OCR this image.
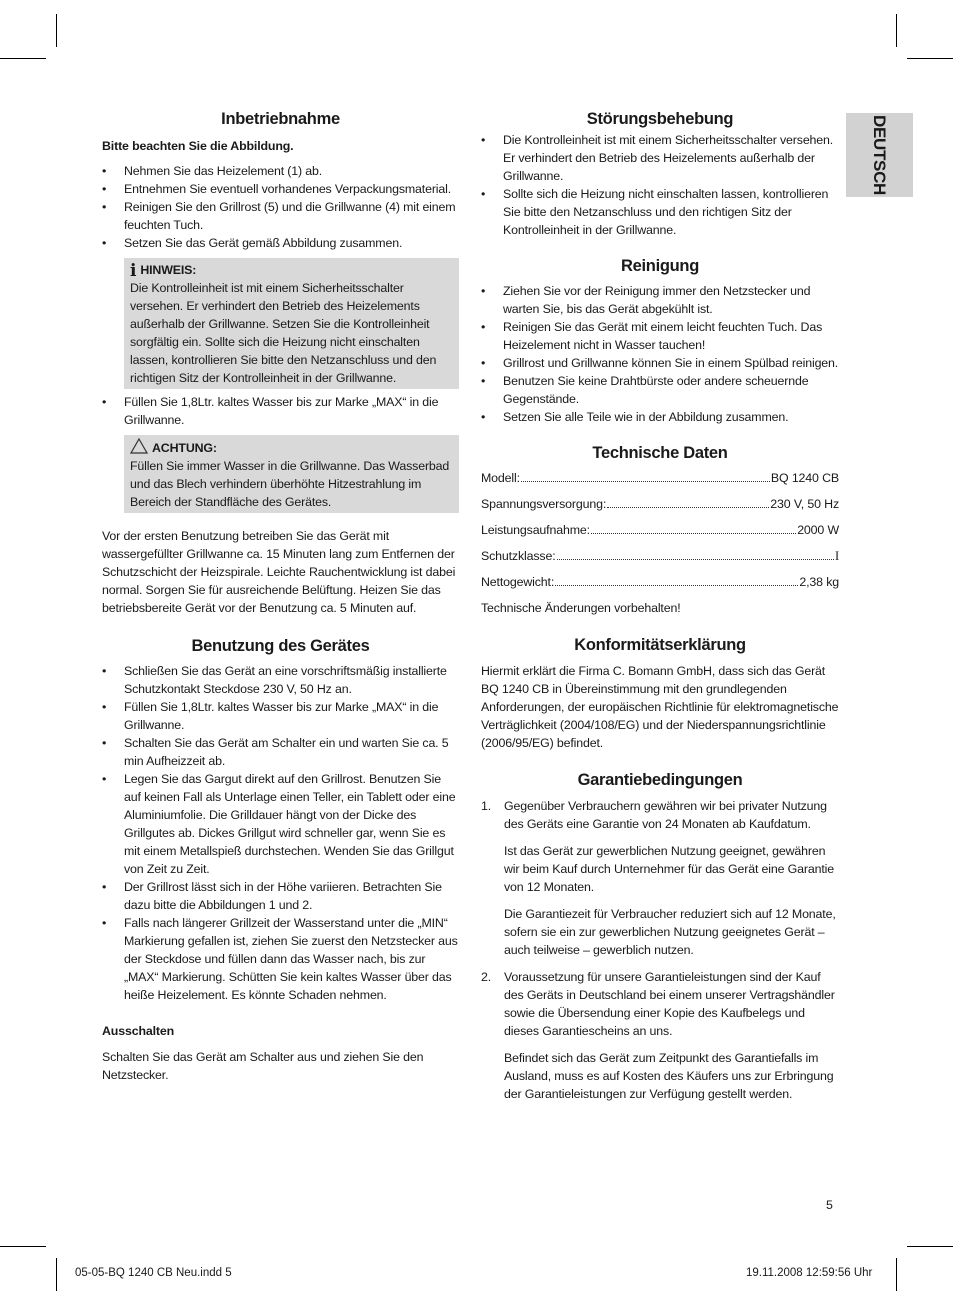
DEUTSCH
Inbetriebnahme

Bitte beachten Sie die Abbildung.

• Nehmen Sie das Heizelement (1) ab.
• Entnehmen Sie eventuell vorhandenes Verpackungsmaterial.
• Reinigen Sie den Grillrost (5) und die Grillwanne (4) mit einem feuchten Tuch.
• Setzen Sie das Gerät gemäß Abbildung zusammen.
i HINWEIS:

Die Kontrolleinheit ist mit einem Sicherheitsschalter versehen. Er verhindert den Betrieb des Heizelements außerhalb der Grillwanne. Setzen Sie die Kontrolleinheit sorgfältig ein. Sollte sich die Heizung nicht einschalten lassen, kontrollieren Sie bitte den Netzanschluss und den richtigen Sitz der Kontrolleinheit in der Grillwanne.

• Füllen Sie 1,8Ltr. kaltes Wasser bis zur Marke „MAX“ in die Grillwanne.
ACHTUNG:

Füllen Sie immer Wasser in die Grillwanne. Das Wasserbad und das Blech verhindern überhöhte Hitzestrahlung im Bereich der Standfläche des Gerätes.

Vor der ersten Benutzung betreiben Sie das Gerät mit wassergefüllter Grillwanne ca. 15 Minuten lang zum Entfernen der Schutzschicht der Heizspirale. Leichte Rauchentwicklung ist dabei normal. Sorgen Sie für ausreichende Belüftung. Heizen Sie das betriebsbereite Gerät vor der Benutzung ca. 5 Minuten auf.

Benutzung des Gerätes
• Schließen Sie das Gerät an eine vorschriftsmäßig installierte Schutzkontakt Steckdose 230 V, 50 Hz an.
• Füllen Sie 1,8Ltr. kaltes Wasser bis zur Marke „MAX“ in die Grillwanne.
• Schalten Sie das Gerät am Schalter ein und warten Sie ca. 5 min Aufheizzeit ab.
• Legen Sie das Gargut direkt auf den Grillrost. Benutzen Sie auf keinen Fall als Unterlage einen Teller, ein Tablett oder eine Aluminiumfolie. Die Grilldauer hängt von der Dicke des Grillgutes ab. Dickes Grillgut wird schneller gar, wenn Sie es mit einem Metallspieß durchstechen. Wenden Sie das Grillgut von Zeit zu Zeit.
• Der Grillrost lässt sich in der Höhe variieren. Betrachten Sie dazu bitte die Abbildungen 1 und 2.
• Falls nach längerer Grillzeit der Wasserstand unter die „MIN“ Markierung gefallen ist, ziehen Sie zuerst den Netzstecker aus der Steckdose und füllen dann das Wasser nach, bis zur „MAX“ Markierung. Schütten Sie kein kaltes Wasser über das heiße Heizelement. Es könnte Schaden nehmen.

Ausschalten

Schalten Sie das Gerät am Schalter aus und ziehen Sie den Netzstecker.

Störungsbehebung
• Die Kontrolleinheit ist mit einem Sicherheitsschalter versehen. Er verhindert den Betrieb des Heizelements außerhalb der Grillwanne.
• Sollte sich die Heizung nicht einschalten lassen, kontrollieren Sie bitte den Netzanschluss und den richtigen Sitz der Kontrolleinheit in der Grillwanne.
Reinigung
• Ziehen Sie vor der Reinigung immer den Netzstecker und warten Sie, bis das Gerät abgekühlt ist.
• Reinigen Sie das Gerät mit einem leicht feuchten Tuch. Das Heizelement nicht in Wasser tauchen!
• Grillrost und Grillwanne können Sie in einem Spülbad reinigen.
• Benutzen Sie keine Drahtbürste oder andere scheuernde Gegenstände.
• Setzen Sie alle Teile wie in der Abbildung zusammen.
Technische Daten
Modell:	BQ 1240 CB
Spannungsversorgung:	230 V, 50 Hz
Leistungsaufnahme:	2000 W
Schutzklasse:	I
Nettogewicht:	2,38 kg

Technische Änderungen vorbehalten!

Konformitätserklärung

Hiermit erklärt die Firma C. Bomann GmbH, dass sich das Gerät BQ 1240 CB in Übereinstimmung mit den grundlegenden Anforderungen, der europäischen Richtlinie für elektromagnetische Verträglichkeit (2004/108/EG) und der Niederspannungsrichtlinie (2006/95/EG) befindet.

Garantiebedingungen
1. Gegenüber Verbrauchern gewähren wir bei privater Nutzung des Geräts eine Garantie von 24 Monaten ab Kaufdatum.

Ist das Gerät zur gewerblichen Nutzung geeignet, gewähren wir beim Kauf durch Unternehmer für das Gerät eine Garantie von 12 Monaten.

Die Garantiezeit für Verbraucher reduziert sich auf 12 Monate, sofern sie ein zur gewerblichen Nutzung geeignetes Gerät – auch teilweise – gewerblich nutzen.

2. Voraussetzung für unsere Garantieleistungen sind der Kauf des Geräts in Deutschland bei einem unserer Vertragshändler sowie die Übersendung einer Kopie des Kaufbelegs und dieses Garantiescheins an uns.

Befindet sich das Gerät zum Zeitpunkt des Garantiefalls im Ausland, muss es auf Kosten des Käufers uns zur Erbringung der Garantieleistungen zur Verfügung gestellt werden.

5
05-05-BQ 1240 CB Neu.indd 5	19.11.2008 12:59:56 Uhr
